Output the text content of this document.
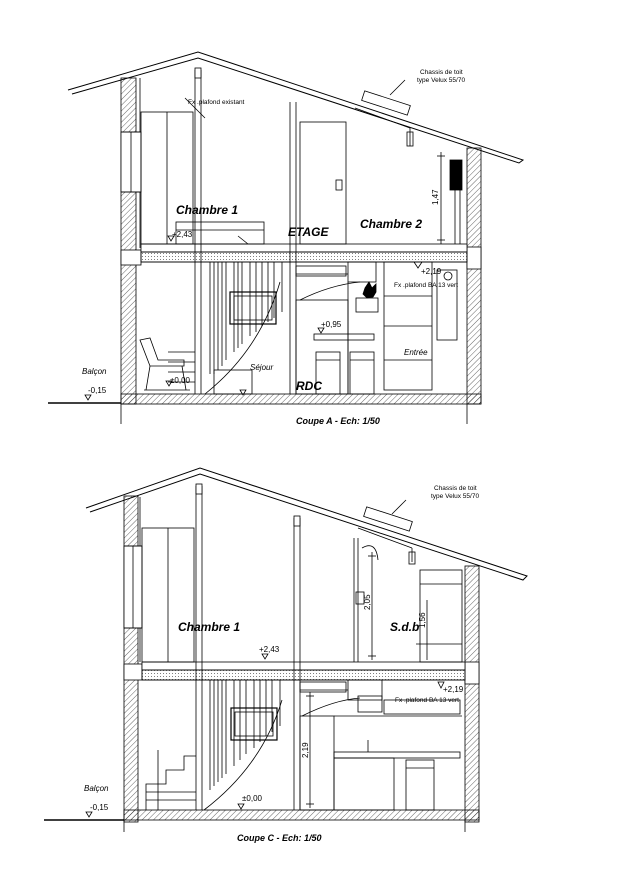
Chassis de toit
type Velux 55/70
Fx .plafond existant
Chambre 1
Chambre 2
ETAGE
RDC
Séjour
Entrée
Balçon
-0,15
±0,00
+2,43
+2,19
+0,95
Fx .plafond BA 13 vert
1,47
Coupe A - Ech: 1/50
Chassis de toit
type Velux 55/70
Chambre 1	S.d.b
Balçon
-0,15
±0,00
+2,43
+2,19
Fx .plafond BA 13 vert
2,05
1,56
2,19
Coupe C - Ech: 1/50
